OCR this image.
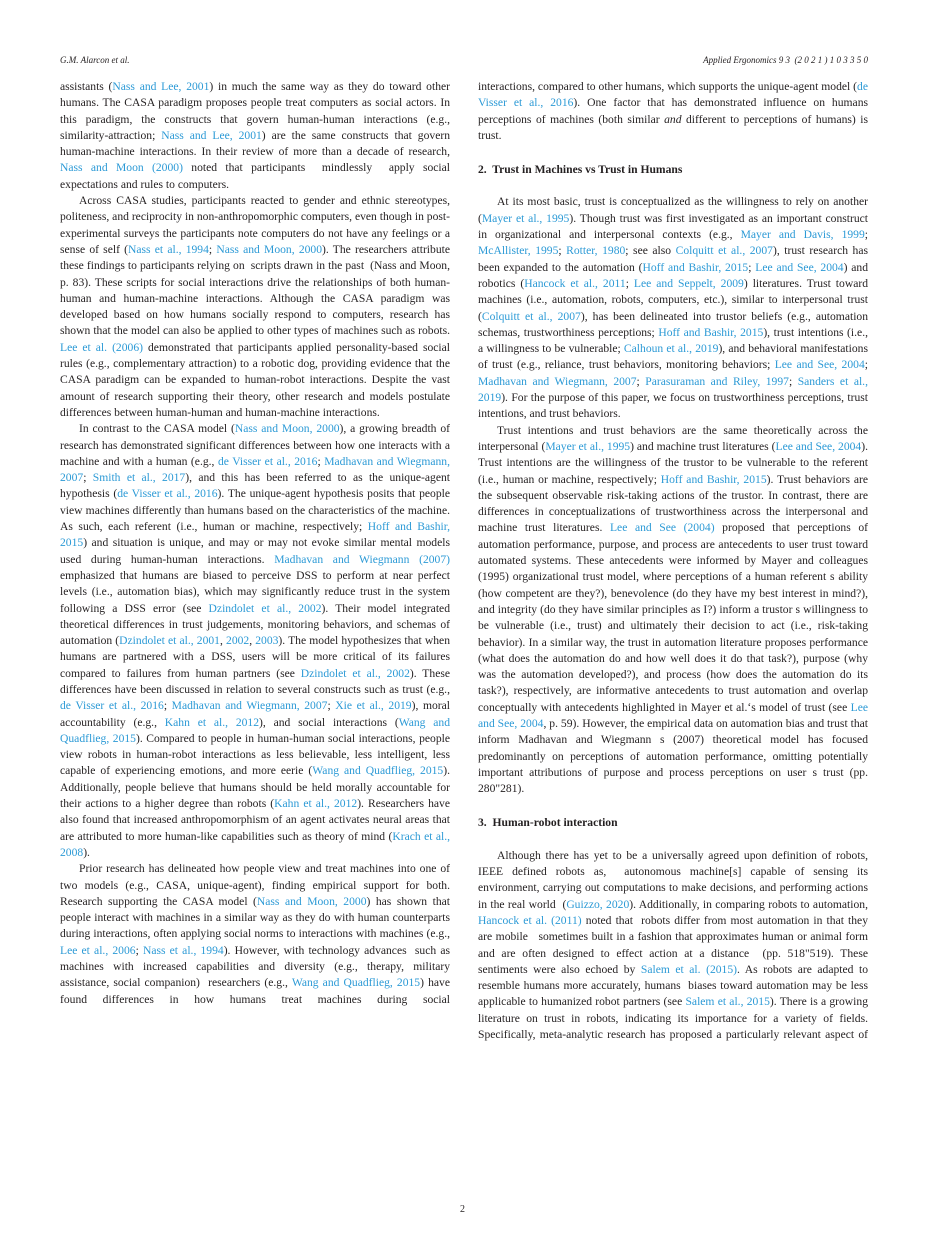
G.M. Alarcon et al.	Applied Ergonomics 9 3  (2 0 2 1 ) 1 0 3 3 5 0

assistants (Nass and Lee, 2001) in much the same way as they do toward other humans. The CASA paradigm proposes people treat computers as social actors. In this paradigm, the constructs that govern human-human interactions (e.g., similarity-attraction; Nass and Lee, 2001) are the same constructs that govern human-machine interactions. In their review of more than a decade of research, Nass and Moon (2000) noted that participants  mindlessly  apply social expectations and rules to computers.

Across CASA studies, participants reacted to gender and ethnic stereotypes, politeness, and reciprocity in non-anthropomorphic computers, even though in post-experimental surveys the participants note computers do not have any feelings or a sense of self (Nass et al., 1994; Nass and Moon, 2000). The researchers attribute these findings to participants relying on  scripts drawn in the past  (Nass and Moon, p. 83). These scripts for social interactions drive the relationships of both human-human and human-machine interactions. Although the CASA paradigm was developed based on how humans socially respond to computers, research has shown that the model can also be applied to other types of machines such as robots. Lee et al. (2006) demonstrated that participants applied personality-based social rules (e.g., complementary attraction) to a robotic dog, providing evidence that the CASA paradigm can be expanded to human-robot interactions. Despite the vast amount of research supporting their theory, other research and models postulate differences between human-human and human-machine interactions.

In contrast to the CASA model (Nass and Moon, 2000), a growing breadth of research has demonstrated significant differences between how one interacts with a machine and with a human (e.g., de Visser et al., 2016; Madhavan and Wiegmann, 2007; Smith et al., 2017), and this has been referred to as the unique-agent hypothesis (de Visser et al., 2016). The unique-agent hypothesis posits that people view machines differently than humans based on the characteristics of the machine. As such, each referent (i.e., human or machine, respectively; Hoff and Bashir, 2015) and situation is unique, and may or may not evoke similar mental models used during human-human interactions. Madhavan and Wiegmann (2007) emphasized that humans are biased to perceive DSS to perform at near perfect levels (i.e., automation bias), which may significantly reduce trust in the system following a DSS error (see Dzindolet et al., 2002). Their model integrated theoretical differences in trust judgements, monitoring behaviors, and schemas of automation (Dzindolet et al., 2001, 2002, 2003). The model hypothesizes that when humans are partnered with a DSS, users will be more critical of its failures compared to failures from human partners (see Dzindolet et al., 2002). These differences have been discussed in relation to several constructs such as trust (e.g., de Visser et al., 2016; Madhavan and Wiegmann, 2007; Xie et al., 2019), moral accountability (e.g., Kahn et al., 2012), and social interactions (Wang and Quadflieg, 2015). Compared to people in human-human social interactions, people view robots in human-robot interactions as less believable, less intelligent, less capable of experiencing emotions, and more eerie (Wang and Quadflieg, 2015). Additionally, people believe that humans should be held morally accountable for their actions to a higher degree than robots (Kahn et al., 2012). Researchers have also found that increased anthropomorphism of an agent activates neural areas that are attributed to more human-like capabilities such as theory of mind (Krach et al., 2008).

Prior research has delineated how people view and treat machines into one of two models (e.g., CASA, unique-agent), finding empirical support for both. Research supporting the CASA model (Nass and Moon, 2000) has shown that people interact with machines in a similar way as they do with human counterparts during interactions, often applying social norms to interactions with machines (e.g., Lee et al., 2006; Nass et al., 1994). However, with technology advances  such as machines with increased capabilities and diversity (e.g., therapy, military assistance, social companion)  researchers (e.g., Wang and Quadflieg, 2015) have found differences in how humans treat machines during social

interactions, compared to other humans, which supports the unique-agent model (de Visser et al., 2016). One factor that has demonstrated influence on humans  perceptions of machines (both similar and different to perceptions of humans) is trust.

2.  Trust in Machines vs Trust in Humans

At its most basic, trust is conceptualized as the willingness to rely on another (Mayer et al., 1995). Though trust was first investigated as an important construct in organizational and interpersonal contexts (e.g., Mayer and Davis, 1999; McAllister, 1995; Rotter, 1980; see also Colquitt et al., 2007), trust research has been expanded to the automation (Hoff and Bashir, 2015; Lee and See, 2004) and robotics (Hancock et al., 2011; Lee and Seppelt, 2009) literatures. Trust toward machines (i.e., automation, robots, computers, etc.), similar to interpersonal trust (Colquitt et al., 2007), has been delineated into trustor beliefs (e.g., automation schemas, trustworthiness perceptions; Hoff and Bashir, 2015), trust intentions (i.e., a willingness to be vulnerable; Calhoun et al., 2019), and behavioral manifestations of trust (e.g., reliance, trust behaviors, monitoring behaviors; Lee and See, 2004; Madhavan and Wiegmann, 2007; Parasuraman and Riley, 1997; Sanders et al., 2019). For the purpose of this paper, we focus on trustworthiness perceptions, trust intentions, and trust behaviors.

Trust intentions and trust behaviors are the same theoretically across the interpersonal (Mayer et al., 1995) and machine trust literatures (Lee and See, 2004). Trust intentions are the willingness of the trustor to be vulnerable to the referent (i.e., human or machine, respectively; Hoff and Bashir, 2015). Trust behaviors are the subsequent observable risk-taking actions of the trustor. In contrast, there are differences in conceptualizations of trustworthiness across the interpersonal and machine trust literatures. Lee and See (2004) proposed that perceptions of automation performance, purpose, and process are antecedents to user trust toward automated systems. These antecedents were informed by Mayer and colleagues  (1995) organizational trust model, where perceptions of a human referent s ability (how competent are they?), benevolence (do they have my best interest in mind?), and integrity (do they have similar principles as I?) inform a trustor s willingness to be vulnerable (i.e., trust) and ultimately their decision to act (i.e., risk-taking behavior). In a similar way, the trust in automation literature proposes performance (what does the automation do and how well does it do that task?), purpose (why was the automation developed?), and process (how does the automation do its task?), respectively, are informative antecedents to trust automation and overlap conceptually with antecedents highlighted in Mayer et al.‘s model of trust (see Lee and See, 2004, p. 59). However, the empirical data on automation bias and trust that inform Madhavan and Wiegmann s (2007) theoretical model has focused predominantly on perceptions of automation performance, omitting potentially important attributions of purpose and process perceptions on user s trust (pp. 280"281).

3.  Human-robot interaction

Although there has yet to be a universally agreed upon definition of robots, IEEE defined robots as,  autonomous machine[s] capable of sensing its environment, carrying out computations to make decisions, and performing actions in the real world  (Guizzo, 2020). Additionally, in comparing robots to automation, Hancock et al. (2011) noted that  robots differ from most automation in that they are mobile   sometimes built in a fashion that approximates human or animal form and are often designed to effect action at a distance  (pp. 518"519). These sentiments were also echoed by Salem et al. (2015). As robots are adapted to resemble humans more accurately, humans  biases toward automation may be less applicable to humanized robot partners (see Salem et al., 2015). There is a growing literature on trust in robots, indicating its importance for a variety of fields. Specifically, meta-analytic research has proposed a particularly relevant aspect of

2
